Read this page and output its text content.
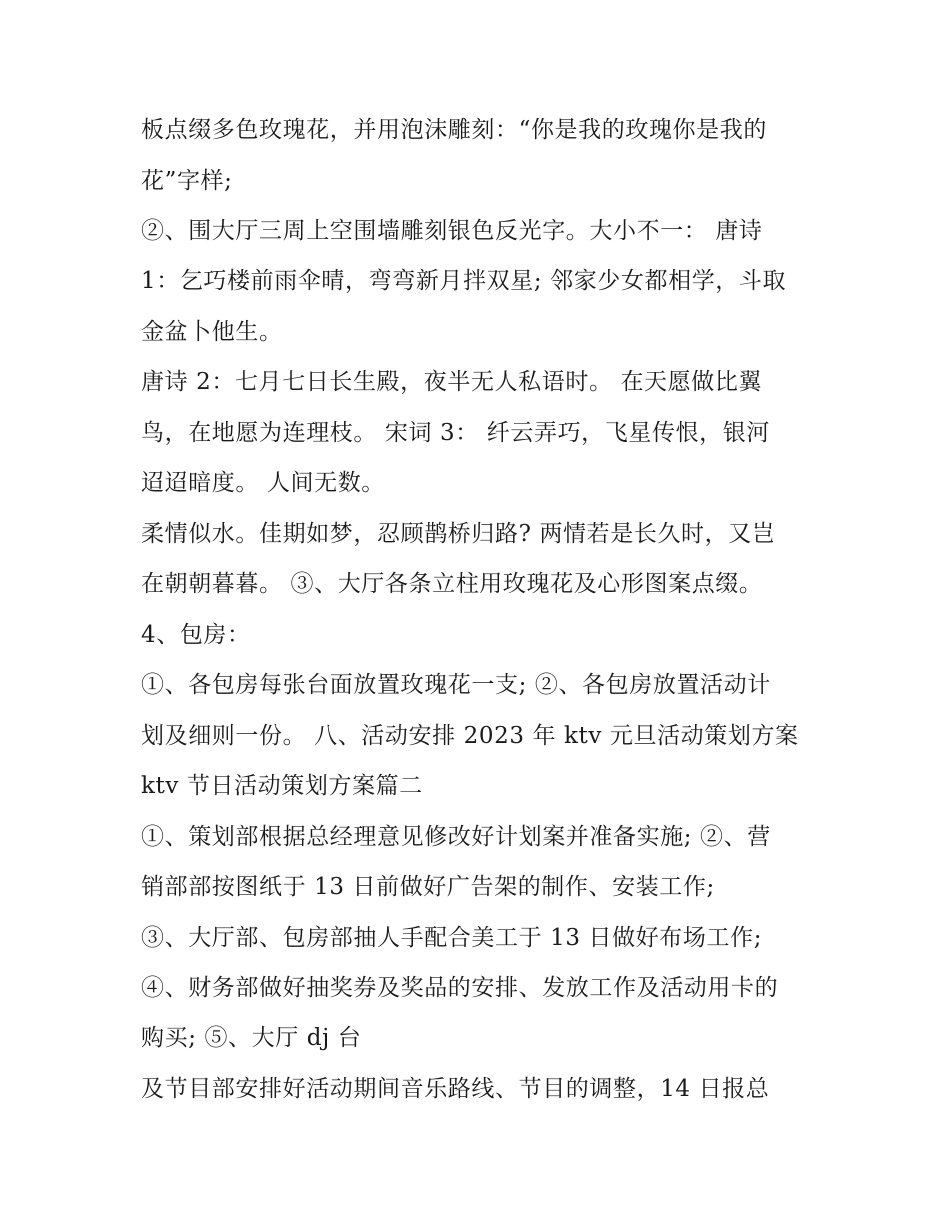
板点缀多色玫瑰花，并用泡沫雕刻：“你是我的玫瑰你是我的
花”字样;
②、围大厅三周上空围墙雕刻银色反光字。大小不一： 唐诗
1：乞巧楼前雨伞晴，弯弯新月拌双星; 邻家少女都相学，斗取
金盆卜他生。
唐诗 2：七月七日长生殿，夜半无人私语时。 在天愿做比翼
鸟，在地愿为连理枝。 宋词 3： 纤云弄巧，飞星传恨，银河
迢迢暗度。 人间无数。
柔情似水。佳期如梦，忍顾鹊桥归路? 两情若是长久时，又岂
在朝朝暮暮。 ③、大厅各条立柱用玫瑰花及心形图案点缀。
4、包房：
①、各包房每张台面放置玫瑰花一支; ②、各包房放置活动计
划及细则一份。 八、活动安排 2023 年 ktv 元旦活动策划方案
ktv 节日活动策划方案篇二
①、策划部根据总经理意见修改好计划案并准备实施; ②、营
销部部按图纸于 13 日前做好广告架的制作、安装工作;
③、大厅部、包房部抽人手配合美工于 13 日做好布场工作;
④、财务部做好抽奖券及奖品的安排、发放工作及活动用卡的
购买; ⑤、大厅 dj 台
及节目部安排好活动期间音乐路线、节目的调整，14 日报总
